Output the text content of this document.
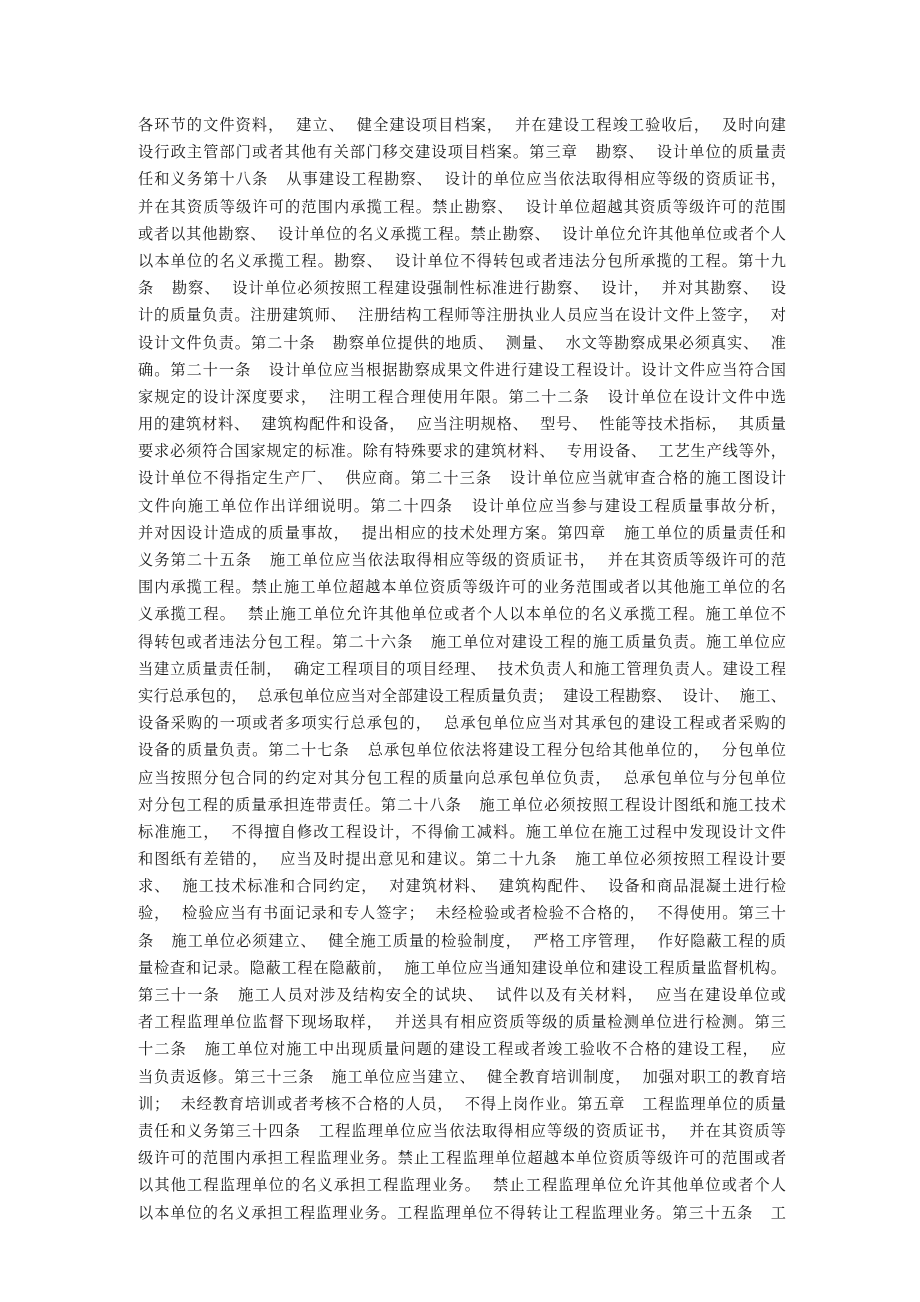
各环节的文件资料，  建立、  健全建设项目档案，  并在建设工程竣工验收后，  及时向建
设行政主管部门或者其他有关部门移交建设项目档案。第三章   勘察、  设计单位的质量责
任和义务第十八条   从事建设工程勘察、  设计的单位应当依法取得相应等级的资质证书，
并在其资质等级许可的范围内承揽工程。禁止勘察、  设计单位超越其资质等级许可的范围
或者以其他勘察、  设计单位的名义承揽工程。禁止勘察、  设计单位允许其他单位或者个人
以本单位的名义承揽工程。勘察、  设计单位不得转包或者违法分包所承揽的工程。第十九
条   勘察、  设计单位必须按照工程建设强制性标准进行勘察、  设计，  并对其勘察、  设
计的质量负责。注册建筑师、  注册结构工程师等注册执业人员应当在设计文件上签字，  对
设计文件负责。第二十条   勘察单位提供的地质、  测量、  水文等勘察成果必须真实、  准
确。第二十一条   设计单位应当根据勘察成果文件进行建设工程设计。设计文件应当符合国
家规定的设计深度要求，  注明工程合理使用年限。第二十二条   设计单位在设计文件中选
用的建筑材料、  建筑构配件和设备，  应当注明规格、  型号、  性能等技术指标，  其质量
要求必须符合国家规定的标准。除有特殊要求的建筑材料、  专用设备、  工艺生产线等外，
设计单位不得指定生产厂、  供应商。第二十三条   设计单位应当就审查合格的施工图设计
文件向施工单位作出详细说明。第二十四条   设计单位应当参与建设工程质量事故分析，
并对因设计造成的质量事故，  提出相应的技术处理方案。第四章   施工单位的质量责任和
义务第二十五条   施工单位应当依法取得相应等级的资质证书，  并在其资质等级许可的范
围内承揽工程。禁止施工单位超越本单位资质等级许可的业务范围或者以其他施工单位的名
义承揽工程。  禁止施工单位允许其他单位或者个人以本单位的名义承揽工程。施工单位不
得转包或者违法分包工程。第二十六条   施工单位对建设工程的施工质量负责。施工单位应
当建立质量责任制，  确定工程项目的项目经理、  技术负责人和施工管理负责人。建设工程
实行总承包的，  总承包单位应当对全部建设工程质量负责；  建设工程勘察、  设计、  施工、
设备采购的一项或者多项实行总承包的，  总承包单位应当对其承包的建设工程或者采购的
设备的质量负责。第二十七条   总承包单位依法将建设工程分包给其他单位的，  分包单位
应当按照分包合同的约定对其分包工程的质量向总承包单位负责，  总承包单位与分包单位
对分包工程的质量承担连带责任。第二十八条   施工单位必须按照工程设计图纸和施工技术
标准施工，  不得擅自修改工程设计，不得偷工减料。施工单位在施工过程中发现设计文件
和图纸有差错的，  应当及时提出意见和建议。第二十九条   施工单位必须按照工程设计要
求、  施工技术标准和合同约定，  对建筑材料、  建筑构配件、  设备和商品混凝土进行检
验，  检验应当有书面记录和专人签字；  未经检验或者检验不合格的，  不得使用。第三十
条   施工单位必须建立、  健全施工质量的检验制度，  严格工序管理，  作好隐蔽工程的质
量检查和记录。隐蔽工程在隐蔽前，  施工单位应当通知建设单位和建设工程质量监督机构。
第三十一条   施工人员对涉及结构安全的试块、  试件以及有关材料，  应当在建设单位或
者工程监理单位监督下现场取样，  并送具有相应资质等级的质量检测单位进行检测。第三
十二条   施工单位对施工中出现质量问题的建设工程或者竣工验收不合格的建设工程，  应
当负责返修。第三十三条   施工单位应当建立、  健全教育培训制度，  加强对职工的教育培
训；  未经教育培训或者考核不合格的人员，  不得上岗作业。第五章   工程监理单位的质量
责任和义务第三十四条   工程监理单位应当依法取得相应等级的资质证书，  并在其资质等
级许可的范围内承担工程监理业务。禁止工程监理单位超越本单位资质等级许可的范围或者
以其他工程监理单位的名义承担工程监理业务。  禁止工程监理单位允许其他单位或者个人
以本单位的名义承担工程监理业务。工程监理单位不得转让工程监理业务。第三十五条   工
